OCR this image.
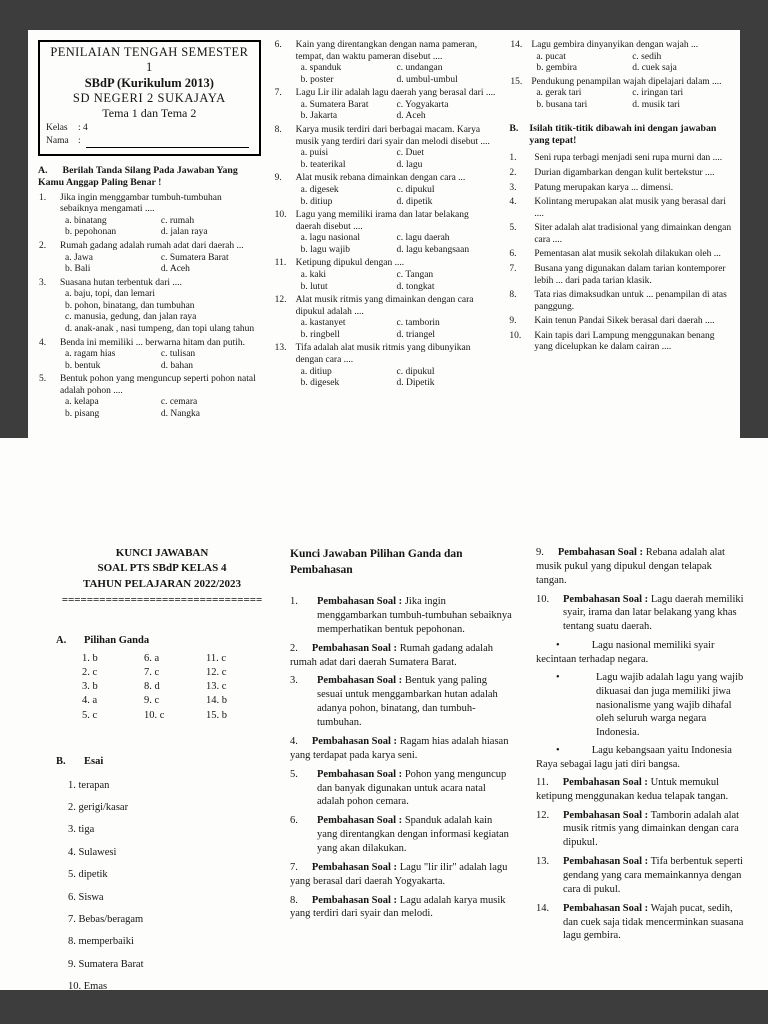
PENILAIAN TENGAH SEMESTER 1
SBdP (Kurikulum 2013)
SD NEGERI 2 SUKAJAYA
Tema 1 dan Tema 2
Kelas	: 4
Nama :
A. Berilah Tanda Silang Pada Jawaban Yang Kamu Anggap Paling Benar !
1.	Jika ingin menggambar tumbuh-tumbuhan sebaiknya mengamati ....
a. binatang	c. rumah
b. pepohonan	d. jalan raya
2.	Rumah gadang adalah rumah adat dari daerah ...
a. Jawa	c. Sumatera Barat
b. Bali	d. Aceh
3.	Suasana hutan terbentuk dari ....
a. baju, topi, dan lemari
b. pohon, binatang, dan tumbuhan
c. manusia, gedung, dan jalan raya
d. anak-anak , nasi tumpeng, dan topi ulang tahun
4.	Benda ini memiliki ... berwarna hitam dan putih.
a. ragam hias	c. tulisan
b. bentuk	d. bahan
5.	Bentuk pohon yang menguncup seperti pohon natal adalah pohon ....
a. kelapa	c. cemara
b. pisang	d. Nangka
6.	Kain yang direntangkan dengan nama pameran, tempat, dan waktu pameran disebut ....
a. spanduk	c. undangan
b. poster	d. umbul-umbul
7.	Lagu Lir ilir adalah lagu daerah yang berasal dari ....
a. Sumatera Barat	c. Yogyakarta
b. Jakarta	d. Aceh
8.	Karya musik terdiri dari berbagai macam. Karya musik yang terdiri dari syair dan melodi disebut ....
a. puisi	c. Duet
b. teaterikal	d. lagu
9.	Alat musik rebana dimainkan dengan cara ...
a. digesek	c. dipukul
b. ditiup	d. dipetik
10. Lagu yang memiliki irama dan latar belakang daerah disebut ....
a. lagu nasional	c. lagu daerah
b. lagu wajib	d. lagu kebangsaan
11. Ketipung dipukul dengan ....
a. kaki	c. Tangan
b. lutut	d. tongkat
12. Alat musik ritmis yang dimainkan dengan cara dipukul adalah ....
a. kastanyet	c. tamborin
b. ringbell	d. triangel
13. Tifa adalah alat musik ritmis yang dibunyikan dengan cara ....
a. ditiup	c. dipukul
b. digesek	d. Dipetik
14. Lagu gembira dinyanyikan dengan wajah ...
a. pucat	c. sedih
b. gembira	d. cuek saja
15. Pendukung penampilan wajah dipelajari dalam ....
a. gerak tari	c. iringan tari
b. busana tari	d. musik tari
B.	Isilah titik-titik dibawah ini dengan jawaban yang tepat!
1.	Seni rupa terbagi menjadi seni rupa murni dan ....
2.	Durian digambarkan dengan kulit bertekstur ....
3.	Patung merupakan karya ... dimensi.
4.	Kolintang merupakan alat musik yang berasal dari ....
5.	Siter adalah alat tradisional yang dimainkan dengan cara ....
6.	Pementasan alat musik sekolah dilakukan oleh ...
7.	Busana yang digunakan dalam tarian kontemporer lebih ... dari pada tarian klasik.
8.	Tata rias dimaksudkan untuk ... penampilan di atas panggung.
9.	Kain tenun Pandai Sikek berasal dari daerah ....
10.	Kain tapis dari Lampung menggunakan benang yang dicelupkan ke dalam cairan ....
KUNCI JAWABAN
SOAL PTS SBdP KELAS 4
TAHUN PELAJARAN 2022/2023
================================
A.	Pilihan Ganda
1. b
2. c
3. b
4. a
5. c
6. a
7. c
8. d
9. c
10. c
11. c
12. c
13. c
14. b
15. b
B.	Esai
1. terapan
2. gerigi/kasar
3. tiga
4. Sulawesi
5. dipetik
6. Siswa
7. Bebas/beragam
8. memperbaiki
9. Sumatera Barat
10. Emas
Kunci Jawaban Pilihan Ganda dan Pembahasan
1.	Pembahasan Soal : Jika ingin menggambarkan tumbuh-tumbuhan sebaiknya memperhatikan bentuk pepohonan.
2. Pembahasan Soal : Rumah gadang adalah rumah adat dari daerah Sumatera Barat.
3.	Pembahasan Soal : Bentuk yang paling sesuai untuk menggambarkan hutan adalah adanya pohon, binatang, dan tumbuh-tumbuhan.
4. Pembahasan Soal : Ragam hias adalah hiasan yang terdapat pada karya seni.
5.	Pembahasan Soal : Pohon yang menguncup dan banyak digunakan untuk acara natal adalah pohon cemara.
6.	Pembahasan Soal : Spanduk adalah kain yang direntangkan dengan informasi kegiatan yang akan dilakukan.
7. Pembahasan Soal : Lagu "lir ilir" adalah lagu yang berasal dari daerah Yogyakarta.
8. Pembahasan Soal : Lagu adalah karya musik yang terdiri dari syair dan melodi.
9. Pembahasan Soal : Rebana adalah alat musik pukul yang dipukul dengan telapak tangan.
10.	Pembahasan Soal : Lagu daerah memiliki syair, irama dan latar belakang yang khas tentang suatu daerah.
•	Lagu nasional memiliki syair kecintaan terhadap negara.
•	Lagu wajib adalah lagu yang wajib dikuasai dan juga memiliki jiwa nasionalisme yang wajib dihafal oleh seluruh warga negara Indonesia.
•	Lagu kebangsaan yaitu Indonesia Raya sebagai lagu jati diri bangsa.
11. Pembahasan Soal : Untuk memukul ketipung menggunakan kedua telapak tangan.
12.	Pembahasan Soal : Tamborin adalah alat musik ritmis yang dimainkan dengan cara dipukul.
13.	Pembahasan Soal : Tifa berbentuk seperti gendang yang cara memainkannya dengan cara di pukul.
14.	Pembahasan Soal : Wajah pucat, sedih, dan cuek saja tidak mencerminkan suasana lagu gembira.
